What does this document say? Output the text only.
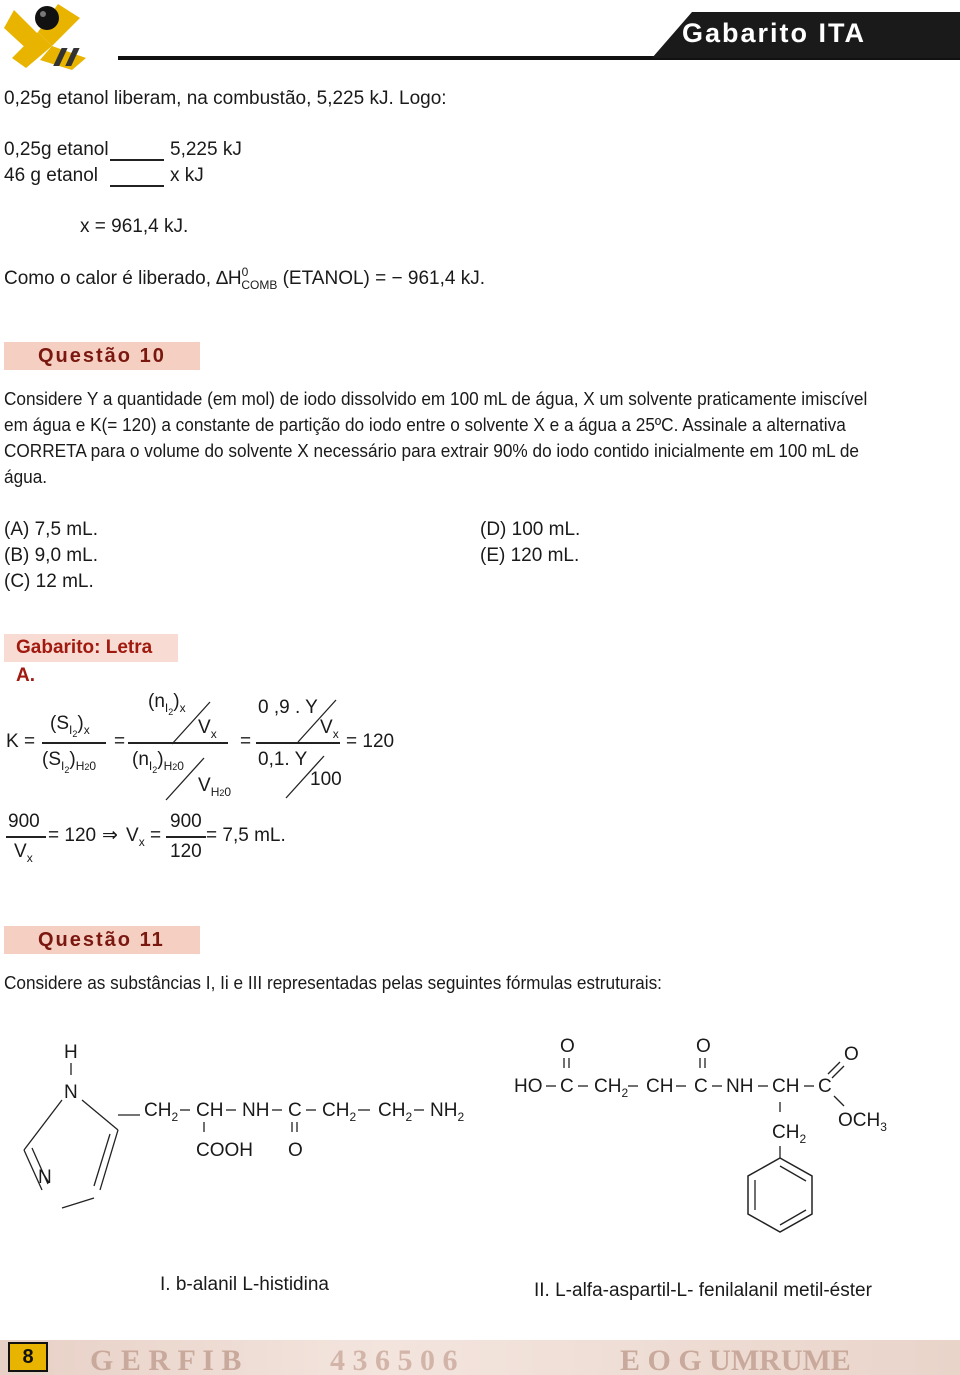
Gabarito ITA
0,25g etanol liberam, na combustão, 5,225 kJ. Logo:
0,25g etanol	5,225 kJ
46 g etanol	x kJ
x = 961,4 kJ.
Como o calor é liberado, $\Delta H^0_{COMB}$ (ETANOL) = − 961,4 kJ.
Questão 10
Considere Y a quantidade (em mol) de iodo dissolvido em 100 mL de água, X um solvente praticamente imiscível em água e K(= 120) a constante de partição do iodo entre o solvente X e a água a 25ºC. Assinale a alternativa CORRETA para o volume do solvente X necessário para extrair 90% do iodo contido inicialmente em 100 mL de água.
(A) 7,5 mL.
(B) 9,0 mL.
(C) 12 mL.
(D) 100 mL.
(E) 120 mL.
Gabarito: Letra A.
K =
$(S_{I2})_x$
$(S_{I2})_{H20}$
=
$(n_{I2})_x$
$V_x$
$(n_{I2})_{H20}$
$V_{H20}$
=
0 ,9 . Y
$V_x$
0,1. Y
100
= 120
900
$V_x$
= 120 ⇒ $V_x$ =
900
120
= 7,5 mL.
Questão 11
Considere as substâncias I, Ii e III representadas pelas seguintes fórmulas estruturais:
H
N
N
$CH_2$ CH NH C $CH_2$ $CH_2$ $NH_2$
COOH O
O	O	O
HO C $CH_2$ CH C NH CH C
$OCH_3$
$CH_2$
I. b-alanil L-histidina	II. L-alfa-aspartil-L- fenilalanil metil-éster
G E R F I B	4 3 6 5 0 6	E O G UMRUME
8
